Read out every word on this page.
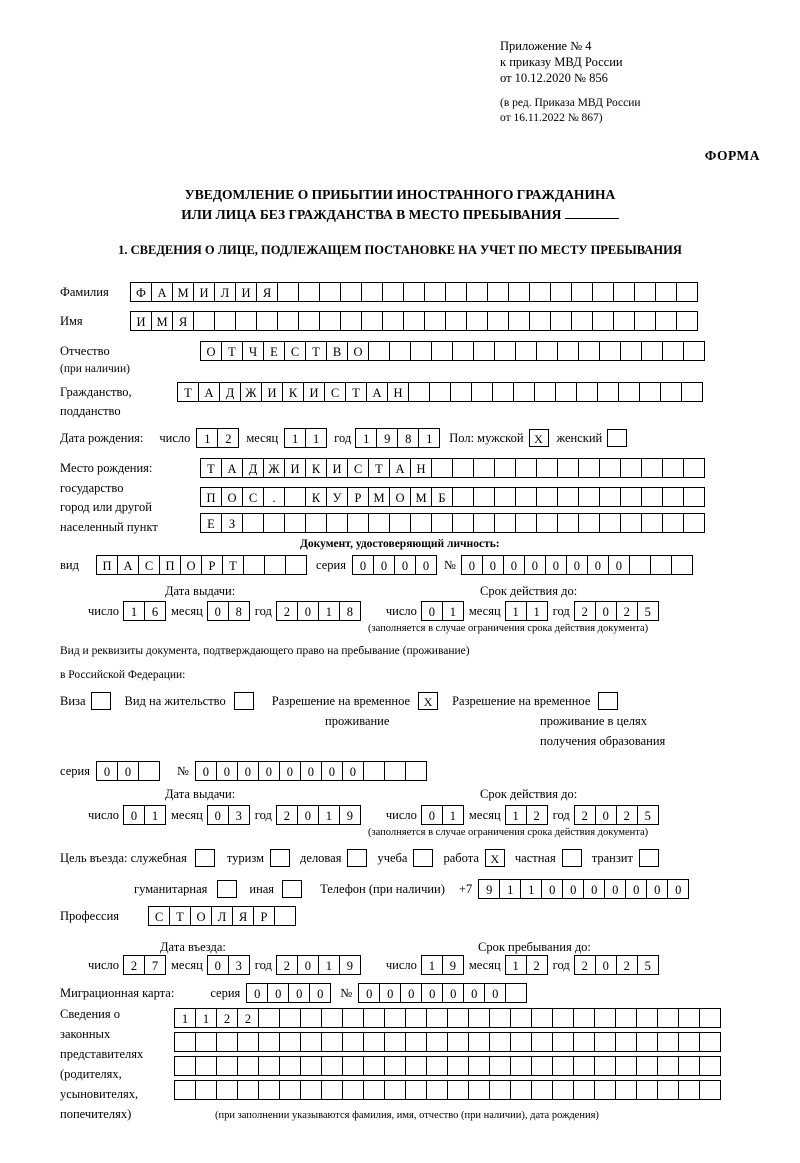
Приложение № 4
к приказу МВД России
от 10.12.2020 № 856
(в ред. Приказа МВД России
от 16.11.2022 № 867)
ФОРМА
УВЕДОМЛЕНИЕ О ПРИБЫТИИ ИНОСТРАННОГО ГРАЖДАНИНА
ИЛИ ЛИЦА БЕЗ ГРАЖДАНСТВА В МЕСТО ПРЕБЫВАНИЯ
1. СВЕДЕНИЯ О ЛИЦЕ, ПОДЛЕЖАЩЕМ ПОСТАНОВКЕ НА УЧЕТ ПО МЕСТУ ПРЕБЫВАНИЯ
Фамилия	Ф А М И Л И Я
Имя	И М Я
Отчество	О	Т	Ч	Е	С	Т	В О
(при наличии)
Гражданство,	Т	А Д Ж И К И С	Т	А Н
подданство
Дата рождения: число	1	2	месяц	1	1	год 1	9	8	1	Пол: мужской X	женский
Место рождения:	Т	А Д Ж И К И С	Т	А Н
государство
П О С	.	К У	Р М О М Б
город или другой
Е	З
населенный пункт
Документ, удостоверяющий личность:
вид	П А С П О	Р	Т	серия	0	0	0	0	№	0	0	0	0	0	0	0	0
Дата выдачи:	Срок действия до:
число 1	6	месяц 0	8	год 2	0	1	8	число 0	1	месяц 1	1	год 2	0	2	5
(заполняется в случае ограничения срока действия документа)
Вид и реквизиты документа, подтверждающего право на пребывание (проживание)
в Российской Федерации:
Виза	Вид на жительство	Разрешение на временное	X	Разрешение на временное
проживание	проживание в целях
получения образования
серия	0	0	№	0	0	0	0	0	0	0	0
Дата выдачи:	Срок действия до:
число 0	1	месяц 0	3	год 2	0	1	9	число 0	1	месяц 1	2	год 2	0	2	5
(заполняется в случае ограничения срока действия документа)
Цель въезда: служебная	туризм	деловая	учеба	работа X	частная	транзит
гуманитарная	иная	Телефон (при наличии) +7	9	1	1	0	0	0	0	0	0	0
Профессия	С	Т	О Л	Я	Р
Дата въезда:	Срок пребывания до:
число 2	7	месяц 0	3	год 2	0	1	9	число 1	9	месяц 1	2	год 2	0	2	5
Миграционная карта:	серия	0	0	0	0	№	0	0	0	0	0	0	0
Сведения о
законных
представителях
(родителях,
усыновителях,
попечителях)
1	1	2	2
(при заполнении указываются фамилия, имя, отчество (при наличии), дата рождения)
